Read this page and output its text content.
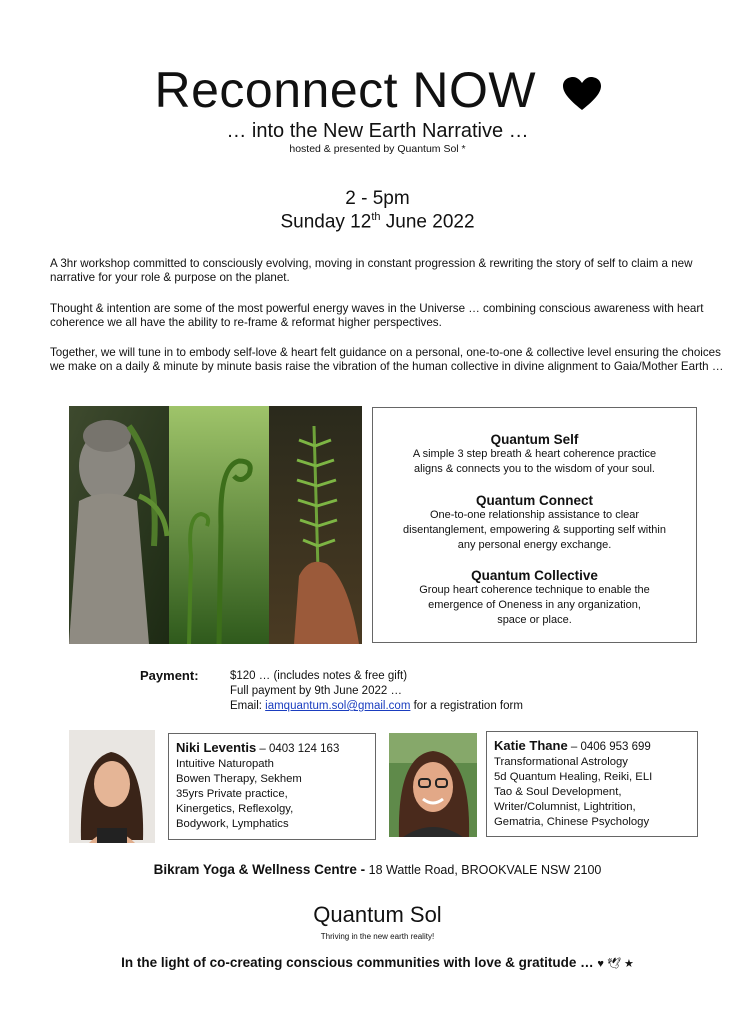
Reconnect NOW
… into the New Earth Narrative …
hosted & presented by Quantum Sol *
2 - 5pm
Sunday 12th June 2022
A 3hr workshop committed to consciously evolving, moving in constant progression & rewriting the story of self to claim a new narrative for your role & purpose on the planet.
Thought & intention are some of the most powerful energy waves in the Universe … combining conscious awareness with heart coherence we all have the ability to re-frame & reformat higher perspectives.
Together, we will tune in to embody self-love & heart felt guidance on a personal, one-to-one & collective level ensuring the choices we make on a daily & minute by minute basis raise the vibration of the human collective in divine alignment to Gaia/Mother Earth …
Quantum Self

A simple 3 step breath & heart coherence practice

aligns & connects you to the wisdom of your soul.

Quantum Connect

One-to-one relationship assistance to clear

disentanglement, empowering & supporting self within

any personal energy exchange.

Quantum Collective

Group heart coherence technique to enable the

emergence of Oneness in any organization,

space or place.

Payment:	$120 … (includes notes & free gift)
Full payment by 9th June 2022 …
Email: iamquantum.sol@gmail.com for a registration form
Niki Leventis – 0403 124 163
Intuitive Naturopath
Bowen Therapy, Sekhem
35yrs Private practice,
Kinergetics, Reflexolgy,
Bodywork, Lymphatics
Katie Thane – 0406 953 699
Transformational Astrology
5d Quantum Healing, Reiki, ELI
Tao & Soul Development,
Writer/Columnist, Lightrition,
Gematria, Chinese Psychology
Bikram Yoga & Wellness Centre - 18 Wattle Road, BROOKVALE NSW 2100
Quantum Sol
Thriving in the new earth reality!
In the light of co-creating conscious communities with love & gratitude … ♥ 🕊 ★
